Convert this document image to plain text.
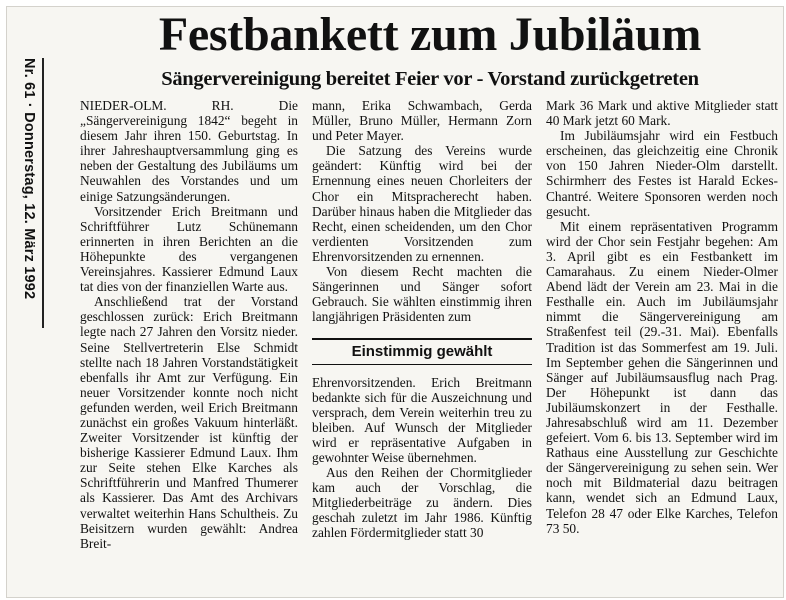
Nr. 61 · Donnerstag, 12. März 1992
Festbankett zum Jubiläum
Sängervereinigung bereitet Feier vor - Vorstand zurückgetreten

NIEDER-OLM. RH. Die „Sängervereinigung 1842“ begeht in diesem Jahr ihren 150. Geburtstag. In ihrer Jahreshauptversammlung ging es neben der Gestaltung des Jubiläums um Neuwahlen des Vorstandes und um einige Satzungsänderungen.

Vorsitzender Erich Breitmann und Schriftführer Lutz Schünemann erinnerten in ihren Berichten an die Höhepunkte des vergangenen Vereinsjahres. Kassierer Edmund Laux tat dies von der finanziellen Warte aus.

Anschließend trat der Vorstand geschlossen zurück: Erich Breitmann legte nach 27 Jahren den Vorsitz nieder. Seine Stellvertreterin Else Schmidt stellte nach 18 Jahren Vorstandstätigkeit ebenfalls ihr Amt zur Verfügung. Ein neuer Vorsitzender konnte noch nicht gefunden werden, weil Erich Breitmann zunächst ein großes Vakuum hinterläßt. Zweiter Vorsitzender ist künftig der bisherige Kassierer Edmund Laux. Ihm zur Seite stehen Elke Karches als Schriftführerin und Manfred Thumerer als Kassierer. Das Amt des Archivars verwaltet weiterhin Hans Schultheis. Zu Beisitzern wurden gewählt: Andrea Breit-

mann, Erika Schwambach, Gerda Müller, Bruno Müller, Hermann Zorn und Peter Mayer.

Die Satzung des Vereins wurde geändert: Künftig wird bei der Ernennung eines neuen Chorleiters der Chor ein Mitspracherecht haben. Darüber hinaus haben die Mitglieder das Recht, einen scheidenden, um den Chor verdienten Vorsitzenden zum Ehrenvorsitzenden zu ernennen.

Von diesem Recht machten die Sängerinnen und Sänger sofort Gebrauch. Sie wählten einstimmig ihren langjährigen Präsidenten zum

Einstimmig gewählt

Ehrenvorsitzenden. Erich Breitmann bedankte sich für die Auszeichnung und versprach, dem Verein weiterhin treu zu bleiben. Auf Wunsch der Mitglieder wird er repräsentative Aufgaben in gewohnter Weise übernehmen.

Aus den Reihen der Chormitglieder kam auch der Vorschlag, die Mitgliederbeiträge zu ändern. Dies geschah zuletzt im Jahr 1986. Künftig zahlen Fördermitglieder statt 30

Mark 36 Mark und aktive Mitglieder statt 40 Mark jetzt 60 Mark.

Im Jubiläumsjahr wird ein Festbuch erscheinen, das gleichzeitig eine Chronik von 150 Jahren Nieder-Olm darstellt. Schirmherr des Festes ist Harald Eckes-Chantré. Weitere Sponsoren werden noch gesucht.

Mit einem repräsentativen Programm wird der Chor sein Festjahr begehen: Am 3. April gibt es ein Festbankett im Camarahaus. Zu einem Nieder-Olmer Abend lädt der Verein am 23. Mai in die Festhalle ein. Auch im Jubiläumsjahr nimmt die Sängervereinigung am Straßenfest teil (29.-31. Mai). Ebenfalls Tradition ist das Sommerfest am 19. Juli. Im September gehen die Sängerinnen und Sänger auf Jubiläumsausflug nach Prag. Der Höhepunkt ist dann das Jubiläumskonzert in der Festhalle. Jahresabschluß wird am 11. Dezember gefeiert. Vom 6. bis 13. September wird im Rathaus eine Ausstellung zur Geschichte der Sängervereinigung zu sehen sein. Wer noch mit Bildmaterial dazu beitragen kann, wendet sich an Edmund Laux, Telefon 28 47 oder Elke Karches, Telefon 73 50.
